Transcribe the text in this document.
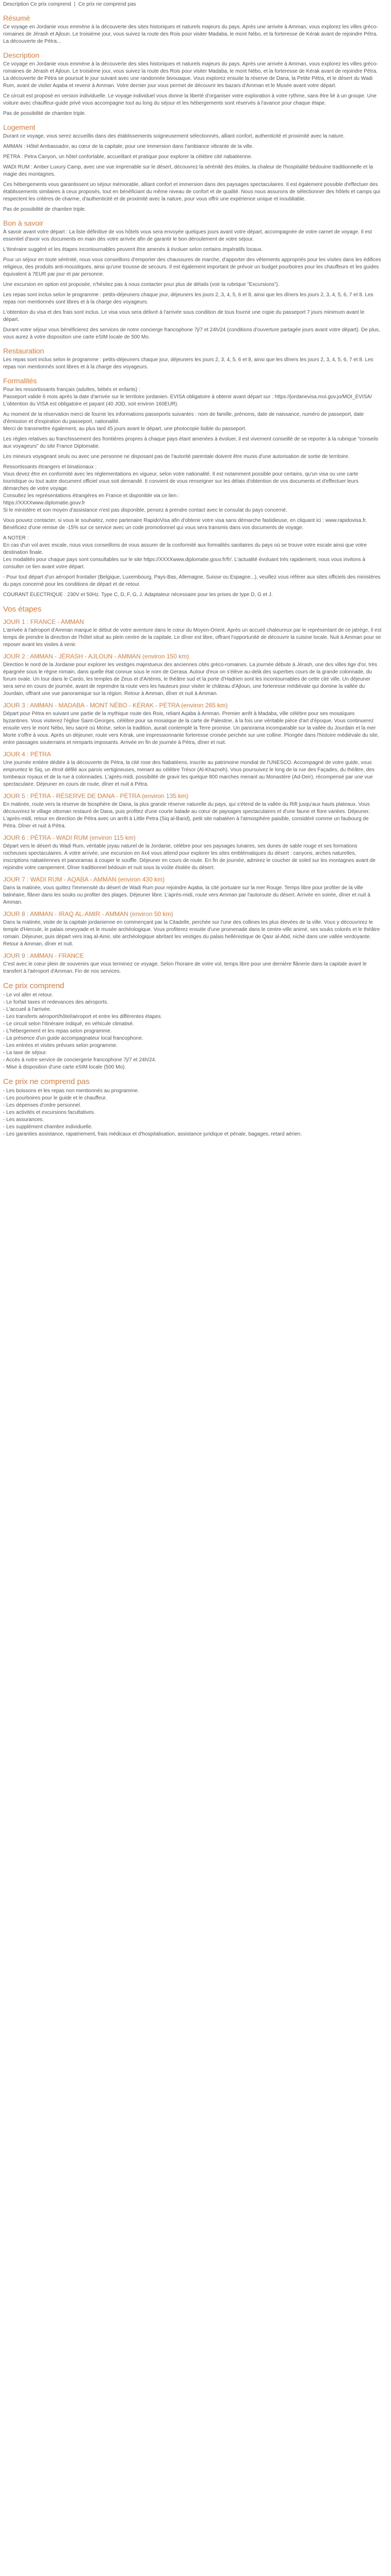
Description Ce prix comprend | Ce prix ne comprend pas
Résumé

Ce voyage en Jordanie vous emmène à la découverte des sites historiques et naturels majeurs du pays. Après une arrivée à Amman, vous explorez les villes gréco-romaines de Jérash et Ajloun. Le troisième jour, vous suivez la route des Rois pour visiter Madaba, le mont Nébo, et la forteresse de Kérak avant de rejoindre Pétra. La découverte de Pétra...

Description

Ce voyage en Jordanie vous emmène à la découverte des sites historiques et naturels majeurs du pays. Après une arrivée à Amman, vous explorez les villes gréco-romaines de Jérash et Ajloun. Le troisième jour, vous suivez la route des Rois pour visiter Madaba, le mont Nébo, et la forteresse de Kérak avant de rejoindre Pétra. La découverte de Pétra se poursuit le jour suivant avec une randonnée bivouaque. Vous explorez ensuite la réserve de Dana, la Petite Pétra, et le désert du Wadi Rum, avant de visiter Aqaba et revenir à Amman. Votre dernier jour vous permet de découvrir les bazars d'Amman et le Musée avant votre départ.

Ce circuit est proposé en version individuelle. Le voyage individuel vous donne la liberté d'organiser votre exploration à votre rythme, sans être lié à un groupe. Une voiture avec chauffeur-guide privé vous accompagne tout au long du séjour et les hébergements sont réservés à l'avance pour chaque étape.

Pas de possibilité de chambre triple.

Logement

Durant ce voyage, vous serez accueillis dans des établissements soigneusement sélectionnés, alliant confort, authenticité et proximité avec la nature.

AMMAN : Hôtel Ambassador, au cœur de la capitale, pour une immersion dans l'ambiance vibrante de la ville.

PÉTRA : Petra Canyon, un hôtel confortable, accueillant et pratique pour explorer la célèbre cité nabatéenne.

WADI RUM : Amber Luxury Camp, avec une vue imprenable sur le désert, découvrez la sérénité des étoiles, la chaleur de l'hospitalité bédouine traditionnelle et la magie des montagnes.

Ces hébergements vous garantissent un séjour mémorable, alliant confort et immersion dans des paysages spectaculaires. Il est également possible d'effectuer des établissements similaires à ceux proposés, tout en bénéficiant du même niveau de confort et de qualité. Nous nous assurons de sélectionner des hôtels et camps qui respectent les critères de charme, d'authenticité et de proximité avec la nature, pour vous offrir une expérience unique et inoubliable.

Pas de possibilité de chambre triple.

Bon à savoir

À savoir avant votre départ : La liste définitive de vos hôtels vous sera envoyée quelques jours avant votre départ, accompagnée de votre carnet de voyage. Il est essentiel d'avoir vos documents en main dès votre arrivée afin de garantir le bon déroulement de votre séjour.

L'itinéraire suggéré et les étapes incontournables peuvent être amenés à évoluer selon certains impératifs locaux.

Pour un séjour en toute sérénité, nous vous conseillons d'emporter des chaussures de marche, d'apporter des vêtements appropriés pour les visites dans les édifices religieux, des produits anti-moustiques, ainsi qu'une trousse de secours. Il est également important de prévoir un budget pourboires pour les chauffeurs et les guides équivalent à 7EUR par jour et par personne.

Une excursion en option est proposée, n'hésitez pas à nous contacter pour plus de détails (voir la rubrique "Excursions").

Les repas sont inclus selon le programme : petits-déjeuners chaque jour, déjeuners les jours 2, 3, 4, 5, 6 et 8, ainsi que les dîners les jours 2, 3, 4, 5, 6, 7 et 8. Les repas non mentionnés sont libres et à la charge des voyageurs.

L'obtention du visa et des frais sont inclus. Le visa vous sera délivré à l'arrivée sous condition de tous fournir une copie du passeport 7 jours minimum avant le départ.

Durant votre séjour vous bénéficierez des services de notre concierge francophone 7j/7 et 24h/24 (conditions d'ouverture partagée jours avant votre départ). De plus, vous aurez à votre disposition une carte eSIM locale de 500 Mo.

Restauration

Les repas sont inclus selon le programme : petits-déjeuners chaque jour, déjeuners les jours 2, 3, 4, 5, 6 et 8, ainsi que les dîners les jours 2, 3, 4, 5, 6, 7 et 8. Les repas non mentionnés sont libres et à la charge des voyageurs.

Formalités

Pour les ressortissants français (adultes, bébés et enfants) :
Passeport valide 6 mois après la date d'arrivée sur le territoire jordanien. EVISA obligatoire à obtenir avant départ sur : https://jordanevisa.moi.gov.jo/MOI_EVISA/
L'obtention du VISA est obligatoire et payant (40 JOD, soit environ 160EUR).

Au moment de la réservation merci de fournir les informations passeports suivantes : nom de famille, prénoms, date de naissance, numéro de passeport, date d'émission et d'expiration du passeport, nationalité.
Merci de transmettre également, au plus tard 45 jours avant le départ, une photocopie lisible du passeport.

Les règles relatives au franchissement des frontières propres à chaque pays étant amenées à évoluer, il est vivement conseillé de se reporter à la rubrique "conseils aux voyageurs" du site France Diplomatie.

Les mineurs voyageant seuls ou avec une personne ne disposant pas de l'autorité parentale doivent être munis d'une autorisation de sortie de territoire.

Ressortissants étrangers et binationaux :
Vous devez être en conformité avec les réglementations en vigueur, selon votre nationalité. Il est notamment possible pour certains, qu'un visa ou une carte touristique ou tout autre document officiel vous soit demandé. Il convient de vous renseigner sur les délais d'obtention de vos documents et d'effectuer leurs démarches de votre voyage.
Consultez les représentations étrangères en France et disponible via ce lien :
https://XXXXwww.diplomatie.gouv.fr
Si le ministère et son moyen d'assistance n'est pas disponible, pensez à prendre contact avec le consulat du pays concerné.

Vous pouvez contacter, si vous le souhaitez, notre partenaire RapidoVisa afin d'obtenir votre visa sans démarche fastidieuse, en cliquant ici : www.rapidovisa.fr. Bénéficiez d'une remise de -15% sur ce service avec un code promotionnel qui vous sera transmis dans vos documents de voyage.

A NOTER :
En cas d'un vol avec escale, nous vous conseillons de vous assurer de la conformité aux formalités sanitaires du pays où se trouve votre escale ainsi que votre destination finale.
Les modalités pour chaque pays sont consultables sur le site https://XXXXwww.diplomatie.gouv.fr/fr/. L'actualité évoluant très rapidement, nous vous invitons à consulter ce lien avant votre départ.

- Pour tout départ d'un aéroport frontalier (Belgique, Luxembourg, Pays-Bas, Allemagne, Suisse ou Espagne...), veuillez vous référer aux sites officiels des ministères du pays concerné pour les conditions de départ et de retour.

COURANT ÉLECTRIQUE : 230V et 50Hz. Type C, D, F, G, J. Adaptateur nécessaire pour les prises de type D, G et J.

Vos étapes
JOUR 1 : FRANCE - AMMAN

L'arrivée à l'aéroport d'Amman marque le début de votre aventure dans le cœur du Moyen-Orient. Après un accueil chaleureux par le représentant de ce jatrège, il est temps de prendre la direction de l'hôtel situé au plein centre de la capitale. Le dîner est libre, offrant l'opportunité de découvrir la cuisine locale. Nuit à Amman pour se reposer avant les visites à venir.

JOUR 2 : AMMAN - JÉRASH - AJLOUN - AMMAN (environ 150 km)

Direction le nord de la Jordanie pour explorer les vestiges majestueux des anciennes cités gréco-romaines. La journée débute à Jérash, une des villes tige d'or, très épargnée sous le règne romain, dans quelle état connue sous le nom de Gerasa. Autour d'eux on s'élève au-delà des superbes cours de la grande colonnade, du forum ovale. Un tour dans le Cardo, les temples de Zeus et d'Artémis, le théâtre sud et la porte d'Hadrien sont les incontournables de cette cité ville. Un déjeuner sera servi en cours de journée, avant de reprendre la route vers les hauteurs pour visiter le château d'Ajloun, une forteresse médiévale qui domine la vallée du Jourdain, offrant une vue panoramique sur la région. Retour à Amman, dîner et nuit à Amman.

JOUR 3 : AMMAN - MADABA - MONT NÉBO - KÉRAK - PÉTRA (environ 265 km)

Départ pour Pétra en suivant une partie de la mythique route des Rois, reliant Aqaba à Amman. Premier arrêt à Madaba, ville célèbre pour ses mosaïques byzantines. Vous visiterez l'église Saint-Georges, célèbre pour sa mosaïque de la carte de Palestine, à la fois une véritable pièce d'art d'époque. Vous continuerez ensuite vers le mont Nébo, lieu sacré où Moïse, selon la tradition, aurait contemplé la Terre promise. Un panorama incomparable sur la vallée du Jourdain et la mer Morte s'offre à vous. Après un déjeuner, route vers Kérak, une impressionnante forteresse croisée perchée sur une colline. Plongée dans l'histoire médiévale du site, entre passages souterrains et remparts imposants. Arrivée en fin de journée à Pétra, dîner et nuit.

JOUR 4 : PÉTRA

Une journée entière dédiée à la découverte de Pétra, la cité rose des Nabatéens, inscrite au patrimoine mondial de l'UNESCO. Accompagné de votre guide, vous empruntez le Siq, un étroit défilé aux parois vertigineuses, menant au célèbre Trésor (Al-Khazneh). Vous poursuivez le long de la rue des Façades, du théâtre, des tombeaux royaux et de la rue à colonnades. L'après-midi, possibilité de gravir les quelque 800 marches menant au Monastère (Ad-Deir), récompensé par une vue spectaculaire. Déjeuner en cours de route, dîner et nuit à Pétra.

JOUR 5 : PÉTRA - RÉSERVE DE DANA - PÉTRA (environ 135 km)

En matinée, route vers la réserve de biosphère de Dana, la plus grande réserve naturelle du pays, qui s'étend de la vallée du Rift jusqu'aux hauts plateaux. Vous découvrirez le village ottoman restauré de Dana, puis profitez d'une courte balade au cœur de paysages spectaculaires et d'une faune et flore variées. Déjeuner. L'après-midi, retour en direction de Pétra avec un arrêt à Little Petra (Siq al-Barid), petit site nabatéen à l'atmosphère paisible, considéré comme un faubourg de Pétra. Dîner et nuit à Pétra.

JOUR 6 : PÉTRA - WADI RUM (environ 115 km)

Départ vers le désert du Wadi Rum, véritable joyau naturel de la Jordanie, célèbre pour ses paysages lunaires, ses dunes de sable rouge et ses formations rocheuses spectaculaires. À votre arrivée, une excursion en 4x4 vous attend pour explorer les sites emblématiques du désert : canyons, arches naturelles, inscriptions nabatéennes et panoramas à couper le souffle. Déjeuner en cours de route. En fin de journée, admirez le coucher de soleil sur les montagnes avant de rejoindre votre campement. Dîner traditionnel bédouin et nuit sous la voûte étoilée du désert.

JOUR 7 : WADI RUM - AQABA - AMMAN (environ 430 km)

Dans la matinée, vous quittez l'immensité du désert de Wadi Rum pour rejoindre Aqaba, la cité portuaire sur la mer Rouge. Temps libre pour profiter de la ville balnéaire, flâner dans les souks ou profiter des plages. Déjeuner libre. L'après-midi, route vers Amman par l'autoroute du désert. Arrivée en soirée, dîner et nuit à Amman.

JOUR 8 : AMMAN - IRAQ AL-AMIR - AMMAN (environ 50 km)

Dans la matinée, visite de la capitale jordanienne en commençant par la Citadelle, perchée sur l'une des collines les plus élevées de la ville. Vous y découvrirez le temple d'Hercule, le palais omeyyade et le musée archéologique. Vous profiterez ensuite d'une promenade dans le centre-ville animé, ses souks colorés et le théâtre romain. Déjeuner, puis départ vers Iraq al-Amir, site archéologique abritant les vestiges du palais hellénistique de Qasr al-Abd, niché dans une vallée verdoyante. Retour à Amman, dîner et nuit.

JOUR 9 : AMMAN - FRANCE

C'est avec le cœur plein de souvenirs que vous terminez ce voyage. Selon l'horaire de votre vol, temps libre pour une dernière flânerie dans la capitale avant le transfert à l'aéroport d'Amman. Fin de nos services.

Ce prix comprend
- Le vol aller et retour.
- Le forfait taxes et redevances des aéroports.
- L'accueil à l'arrivée.
- Les transferts aéroport/hôtel/aéroport et entre les différentes étapes.
- Le circuit selon l'itinéraire indiqué, en véhicule climatisé.
- L'hébergement et les repas selon programme.
- La présence d'un guide accompagnateur local francophone.
- Les entrées et visites prévues selon programme.
- La taxe de séjour.
- Accès à notre service de conciergerie francophone 7j/7 et 24h/24.
- Mise à disposition d'une carte eSIM locale (500 Mo).
Ce prix ne comprend pas
- Les boissons et les repas non mentionnés au programme.
- Les pourboires pour le guide et le chauffeur.
- Les dépenses d'ordre personnel.
- Les activités et excursions facultatives.
- Les assurances.
- Les supplément chambre individuelle.
- Les garanties assistance, rapatriement, frais médicaux et d'hospitalisation, assistance juridique et pénale, bagages, retard aérien.
